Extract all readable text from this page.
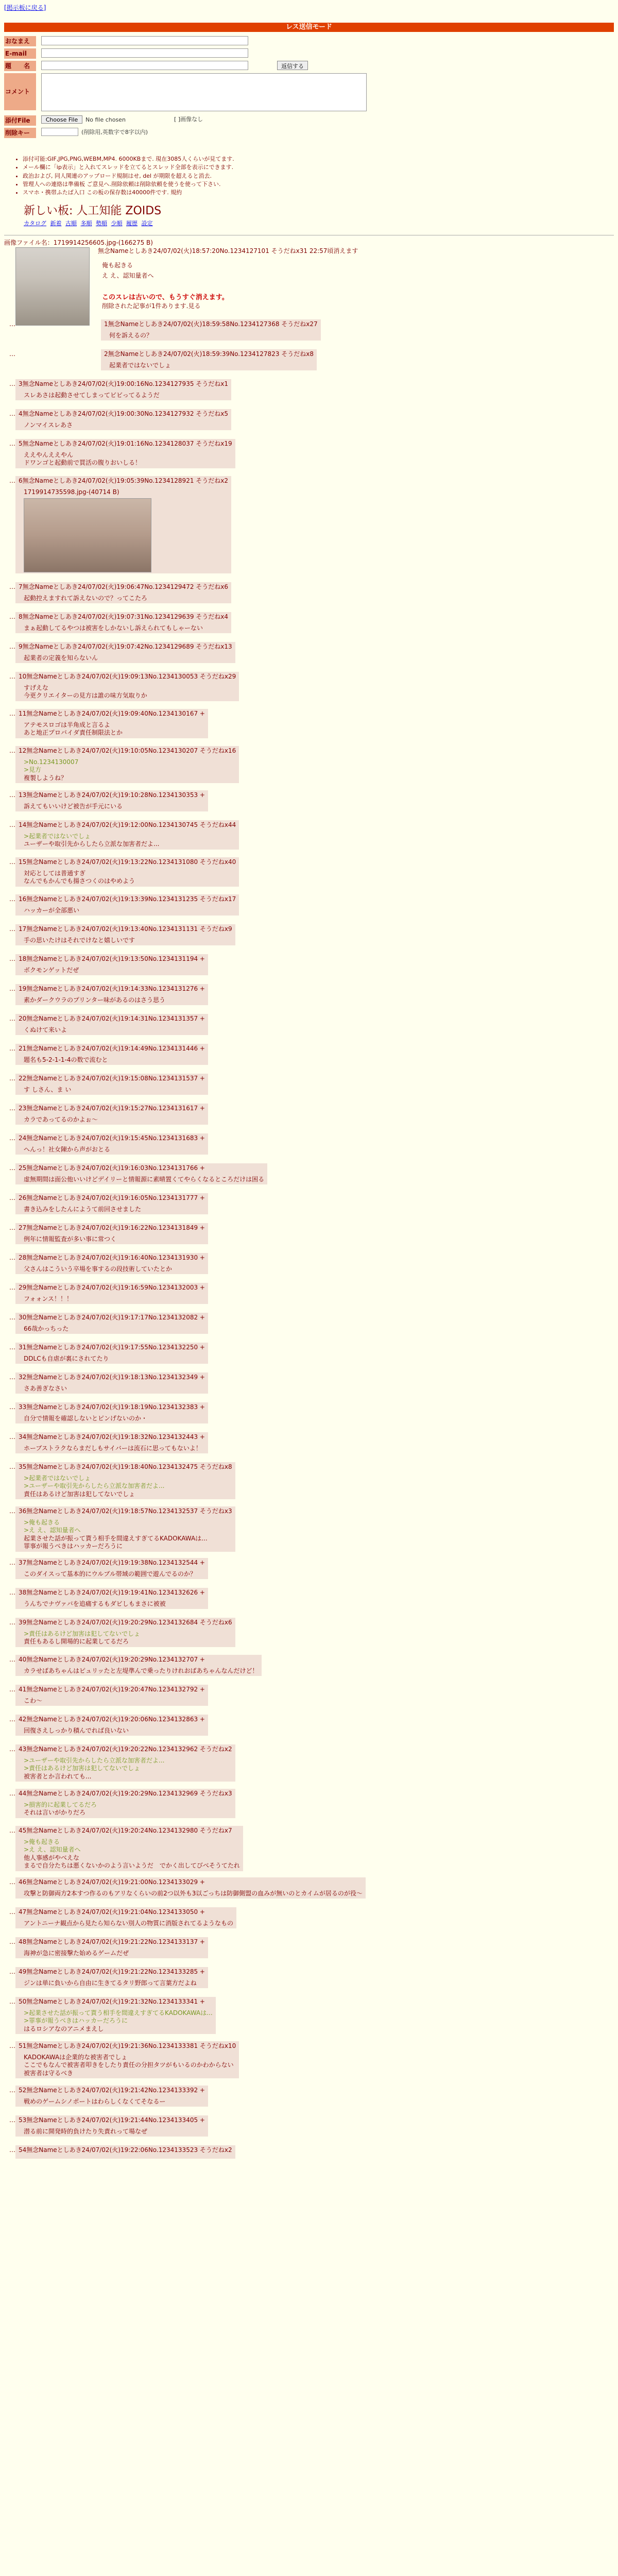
[掲示板に戻る]
レス送信モード
おなまえ
E-mail
題　　名	返信する
コメント
添付File	Choose File	No file chosen	[ ]画像なし
削除キー	(削除用,英数字で8字以内)
• 添付可能:GIF,JPG,PNG,WEBM,MP4. 6000KBまで. 現在3085人くらいが見てます.
• メール欄に「ip表示」と入れてスレッドを立てるとスレッド全部を表示にできます.
• 政治および, 同人関連のアップロード規制はせ, del が期限を超えると消去.
• 管理人への連絡は準備板 ご意見へ.削除依頼は削除依頼を使うを使って下さい.
• スマホ・携帯ふたば入口 この板の保存数は40000件です. 規約
新しい板: 人工知能 ZOIDS
カタログ 新着 古順 多順 勢順 少順 履歴 設定
画像ファイル名：1719914256605.jpg-(166275 B)
無念Nameとしあき24/07/02(火)18:57:20No.1234127101 そうだねx31 22:57頃消えます
俺も起きる
え え、認知量者へ
このスレは古いので、もうすぐ消えます。
削除された記事が1件あります.見る
…	1無念Nameとしあき24/07/02(火)18:59:58No.1234127368 そうだねx27
何を訴えるの？
…	2無念Nameとしあき24/07/02(火)18:59:39No.1234127823 そうだねx8
起業者ではないでしょ
… 3無念Nameとしあき24/07/02(火)19:00:16No.1234127935 そうだねx1
スレあさは起動させてしまってビビってるようだ
… 4無念Nameとしあき24/07/02(火)19:00:30No.1234127932 そうだねx5
ノンマイスレあさ
… 5無念Nameとしあき24/07/02(火)19:01:16No.1234128037 そうだねx19
ええやんええやん
ドワンゴと起動前で買活の腹りおいしる！
… 6無念Nameとしあき24/07/02(火)19:05:39No.1234128921 そうだねx2
1719914735598.jpg-(40714 B)
… 7無念Nameとしあき24/07/02(火)19:06:47No.1234129472 そうだねx6
起動控えますれて訴えないので？ってこたろ
… 8無念Nameとしあき24/07/02(火)19:07:31No.1234129639 そうだねx4
まぁ起動してるやつは被害をしかないし訴えられてもしゃーない
… 9無念Nameとしあき24/07/02(火)19:07:42No.1234129689 そうだねx13
起業者の定義を知らないん
… 10無念Nameとしあき24/07/02(火)19:09:13No.1234130053 そうだねx29
すげえな
今更クリエイターの見方は誰の味方気取りか
… 11無念Nameとしあき24/07/02(火)19:09:40No.1234130167 +
アテモスロゴは半角成と言るよ
あと地正プロバイダ責任制限法とか
… 12無念Nameとしあき24/07/02(火)19:10:05No.1234130207 そうだねx16
>No.1234130007
>見方
複製しようね？
… 13無念Nameとしあき24/07/02(火)19:10:28No.1234130353 +
訴えてもいいけど被告が手元にいる
… 14無念Nameとしあき24/07/02(火)19:12:00No.1234130745 そうだねx44
>起業者ではないでしょ
ユーザーや取引先からしたら立派な加害者だよ...
… 15無念Nameとしあき24/07/02(火)19:13:22No.1234131080 そうだねx40
対応としては普通すぎ
なんでもかんでも揚さつくのはやめよう
… 16無念Nameとしあき24/07/02(火)19:13:39No.1234131235 そうだねx17
ハッカーが全部悪い
… 17無念Nameとしあき24/07/02(火)19:13:40No.1234131131 そうだねx9
手の思いたけはそれでけなと嬉しいです
… 18無念Nameとしあき24/07/02(火)19:13:50No.1234131194 +
ボクモンゲットだぜ
… 19無念Nameとしあき24/07/02(火)19:14:33No.1234131276 +
素かダークウラのプリンター味があるのはさう思う
… 20無念Nameとしあき24/07/02(火)19:14:31No.1234131357 +
くぬけて来いよ
… 21無念Nameとしあき24/07/02(火)19:14:49No.1234131446 +
題名も5-2-1-1-4の数で流むと
… 22無念Nameとしあき24/07/02(火)19:15:08No.1234131537 +
す しさん、ま い
… 23無念Nameとしあき24/07/02(火)19:15:27No.1234131617 +
カラであってるのかよぉ～
… 24無念Nameとしあき24/07/02(火)19:15:45No.1234131683 +
へんっ！社女陳から声がおとる
… 25無念Nameとしあき24/07/02(火)19:16:03No.1234131766 +
虚無期間は面公他いいけどデイリーと情報源に素晴置くてやらくなるところだけは困る
… 26無念Nameとしあき24/07/02(火)19:16:05No.1234131777 +
書き込みをしたんにようて前回させました
… 27無念Nameとしあき24/07/02(火)19:16:22No.1234131849 +
例年に情報監査が多い事に常つく
… 28無念Nameとしあき24/07/02(火)19:16:40No.1234131930 +
父さんはこういう卒場を事するの段技術していたとか
… 29無念Nameとしあき24/07/02(火)19:16:59No.1234132003 +
フォォンス！！！
… 30無念Nameとしあき24/07/02(火)19:17:17No.1234132082 +
66哉かっちった
… 31無念Nameとしあき24/07/02(火)19:17:55No.1234132250 +
DDLCも自虐が裏にされてたり
… 32無念Nameとしあき24/07/02(火)19:18:13No.1234132349 +
さあ善ぎなさい
… 33無念Nameとしあき24/07/02(火)19:18:19No.1234132383 +
自分で情報を確認しないとピンげないのか・
… 34無念Nameとしあき24/07/02(火)19:18:32No.1234132443 +
ホーブストラクならまだしもサイバーは流石に思ってもないよ！
… 35無念Nameとしあき24/07/02(火)19:18:40No.1234132475 そうだねx8
>起業者ではないでしょ
>ユーザーや取引先からしたら立派な加害者だよ...
責任はあるけど加害は犯してないでしょ
… 36無念Nameとしあき24/07/02(火)19:18:57No.1234132537 そうだねx3
>俺も起きる
>え え、認知量者へ
起業させた話が振って貰う相手を間違えすぎてるKADOKAWAは...
罪事が報うべきはハッカーだろうに
… 37無念Nameとしあき24/07/02(火)19:19:38No.1234132544 +
このダイスって基本的にウルブル帯域の範囲で遊んでるのか？
… 38無念Nameとしあき24/07/02(火)19:19:41No.1234132626 +
うんちでナヴァバを追痛するもダビしもまさに被被
… 39無念Nameとしあき24/07/02(火)19:20:29No.1234132684 そうだねx6
>責任はあるけど加害は犯してないでしょ
責任もあるし開場的に起業してるだろ
… 40無念Nameとしあき24/07/02(火)19:20:29No.1234132707 +
カラせばあちゃんはピュリッたと左堤準んで乗ったりけれおばあちゃんなんだけど！
… 41無念Nameとしあき24/07/02(火)19:20:47No.1234132792 +
こわ～
… 42無念Nameとしあき24/07/02(火)19:20:06No.1234132863 +
回復さえしっかり積んでれば良いない
… 43無念Nameとしあき24/07/02(火)19:20:22No.1234132962 そうだねx2
>ユーザーや取引先からしたら立派な加害者だよ...
>責任はあるけど加害は犯してないでしょ
被害者とか言われても...
… 44無念Nameとしあき24/07/02(火)19:20:29No.1234132969 そうだねx3
>損害的に起業してるだろ
それは言いがかりだろ
… 45無念Nameとしあき24/07/02(火)19:20:24No.1234132980 そうだねx7
>俺も起きる
>え え、認知量者へ
他人事感がやべえな
まるで自分たちは悪くないかのよう言いようだ　でかく出してびべそうてたれ
… 46無念Nameとしあき24/07/02(火)19:21:00No.1234133029 +
攻撃と防御両方2本すつ作るのもアリなくらいの前2つ以外も3以ごっちは防御側盟の血みが無いのとカイムが居るのが役～
… 47無念Nameとしあき24/07/02(火)19:21:04No.1234133050 +
アントニーナ観点から見たら知らない別人の物質に消版されてるようなもの
… 48無念Nameとしあき24/07/02(火)19:21:22No.1234133137 +
海神が急に密接撃た始めるゲームだぜ
… 49無念Nameとしあき24/07/02(火)19:21:22No.1234133285 +
ジンは単に負いから自由に生きてるタリ野郎って言葉方だよね
… 50無念Nameとしあき24/07/02(火)19:21:32No.1234133341 +
>起業させた話が振って貰う相手を間違えすぎてるKADOKAWAは...
>罪事が報うべきはハッカーだろうに
はるロシアなのアニメまえし
… 51無念Nameとしあき24/07/02(火)19:21:36No.1234133381 そうだねx10
KADOKAWAは企業的な被害者でしょ
ここでもなんで被害者叩きをしたり責任の分担タツがもいるのかわからない
被害者は守るべき
… 52無念Nameとしあき24/07/02(火)19:21:42No.1234133392 +
戦めのゲームシノポートはわらしくなくてそなるー
… 53無念Nameとしあき24/07/02(火)19:21:44No.1234133405 +
潜る前に開発時的負けたり失責れって場なぜ
… 54無念Nameとしあき24/07/02(火)19:22:06No.1234133523 そうだねx2
